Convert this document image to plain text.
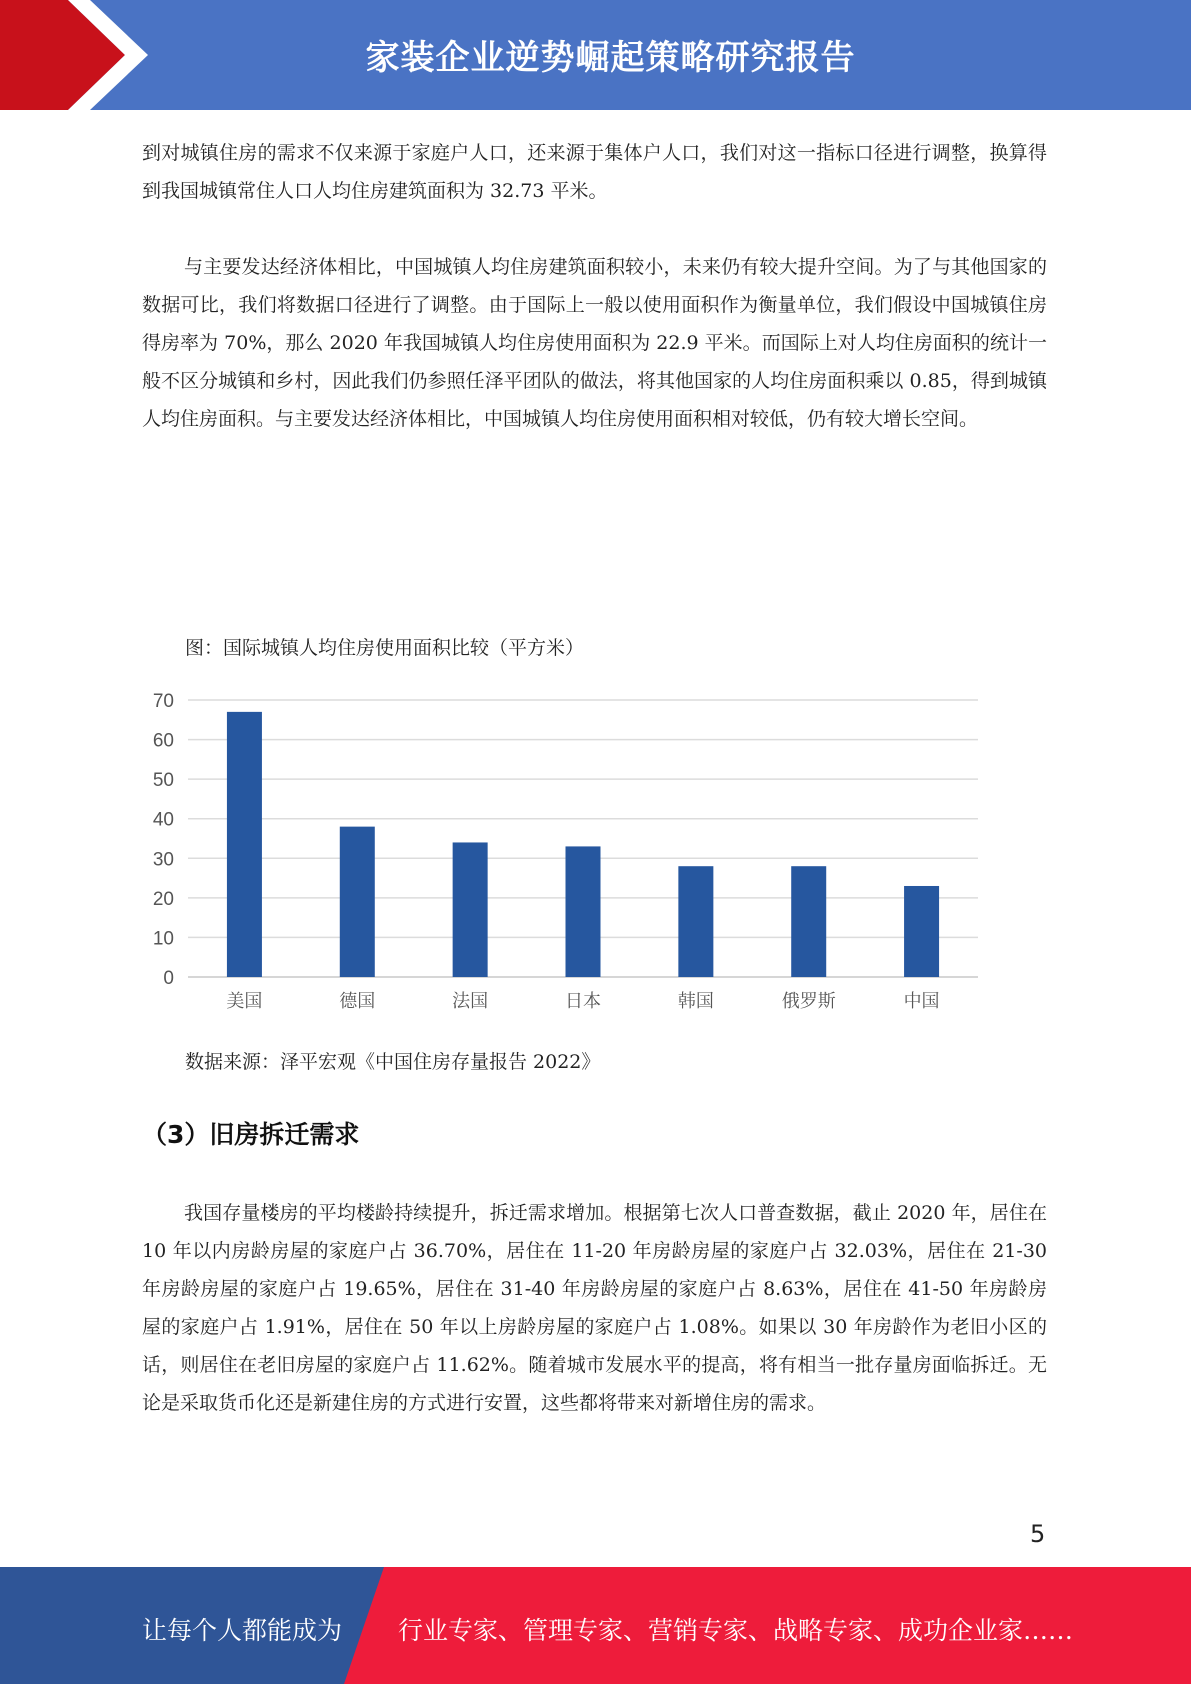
家装企业逆势崛起策略研究报告

到对城镇住房的需求不仅来源于家庭户人口，还来源于集体户人口，我们对这一指标口径进行调整，换算得到我国城镇常住人口人均住房建筑面积为 32.73 平米。

与主要发达经济体相比，中国城镇人均住房建筑面积较小，未来仍有较大提升空间。为了与其他国家的数据可比，我们将数据口径进行了调整。由于国际上一般以使用面积作为衡量单位，我们假设中国城镇住房得房率为 70%，那么 2020 年我国城镇人均住房使用面积为 22.9 平米。而国际上对人均住房面积的统计一般不区分城镇和乡村，因此我们仍参照任泽平团队的做法，将其他国家的人均住房面积乘以 0.85，得到城镇人均住房面积。与主要发达经济体相比，中国城镇人均住房使用面积相对较低，仍有较大增长空间。

图：国际城镇人均住房使用面积比较（平方米）
0
10
20
30
40
50
60
70
美国	德国	法国	日本	韩国	俄罗斯	中国
数据来源：泽平宏观《中国住房存量报告 2022》
（3）旧房拆迁需求

我国存量楼房的平均楼龄持续提升，拆迁需求增加。根据第七次人口普查数据，截止 2020 年，居住在 10 年以内房龄房屋的家庭户占 36.70%，居住在 11-20 年房龄房屋的家庭户占 32.03%，居住在 21-30 年房龄房屋的家庭户占 19.65%，居住在 31-40 年房龄房屋的家庭户占 8.63%，居住在 41-50 年房龄房屋的家庭户占 1.91%，居住在 50 年以上房龄房屋的家庭户占 1.08%。如果以 30 年房龄作为老旧小区的话，则居住在老旧房屋的家庭户占 11.62%。随着城市发展水平的提高，将有相当一批存量房面临拆迁。无论是采取货币化还是新建住房的方式进行安置，这些都将带来对新增住房的需求。

5
让每个人都能成为 行业专家、管理专家、营销专家、战略专家、成功企业家……
